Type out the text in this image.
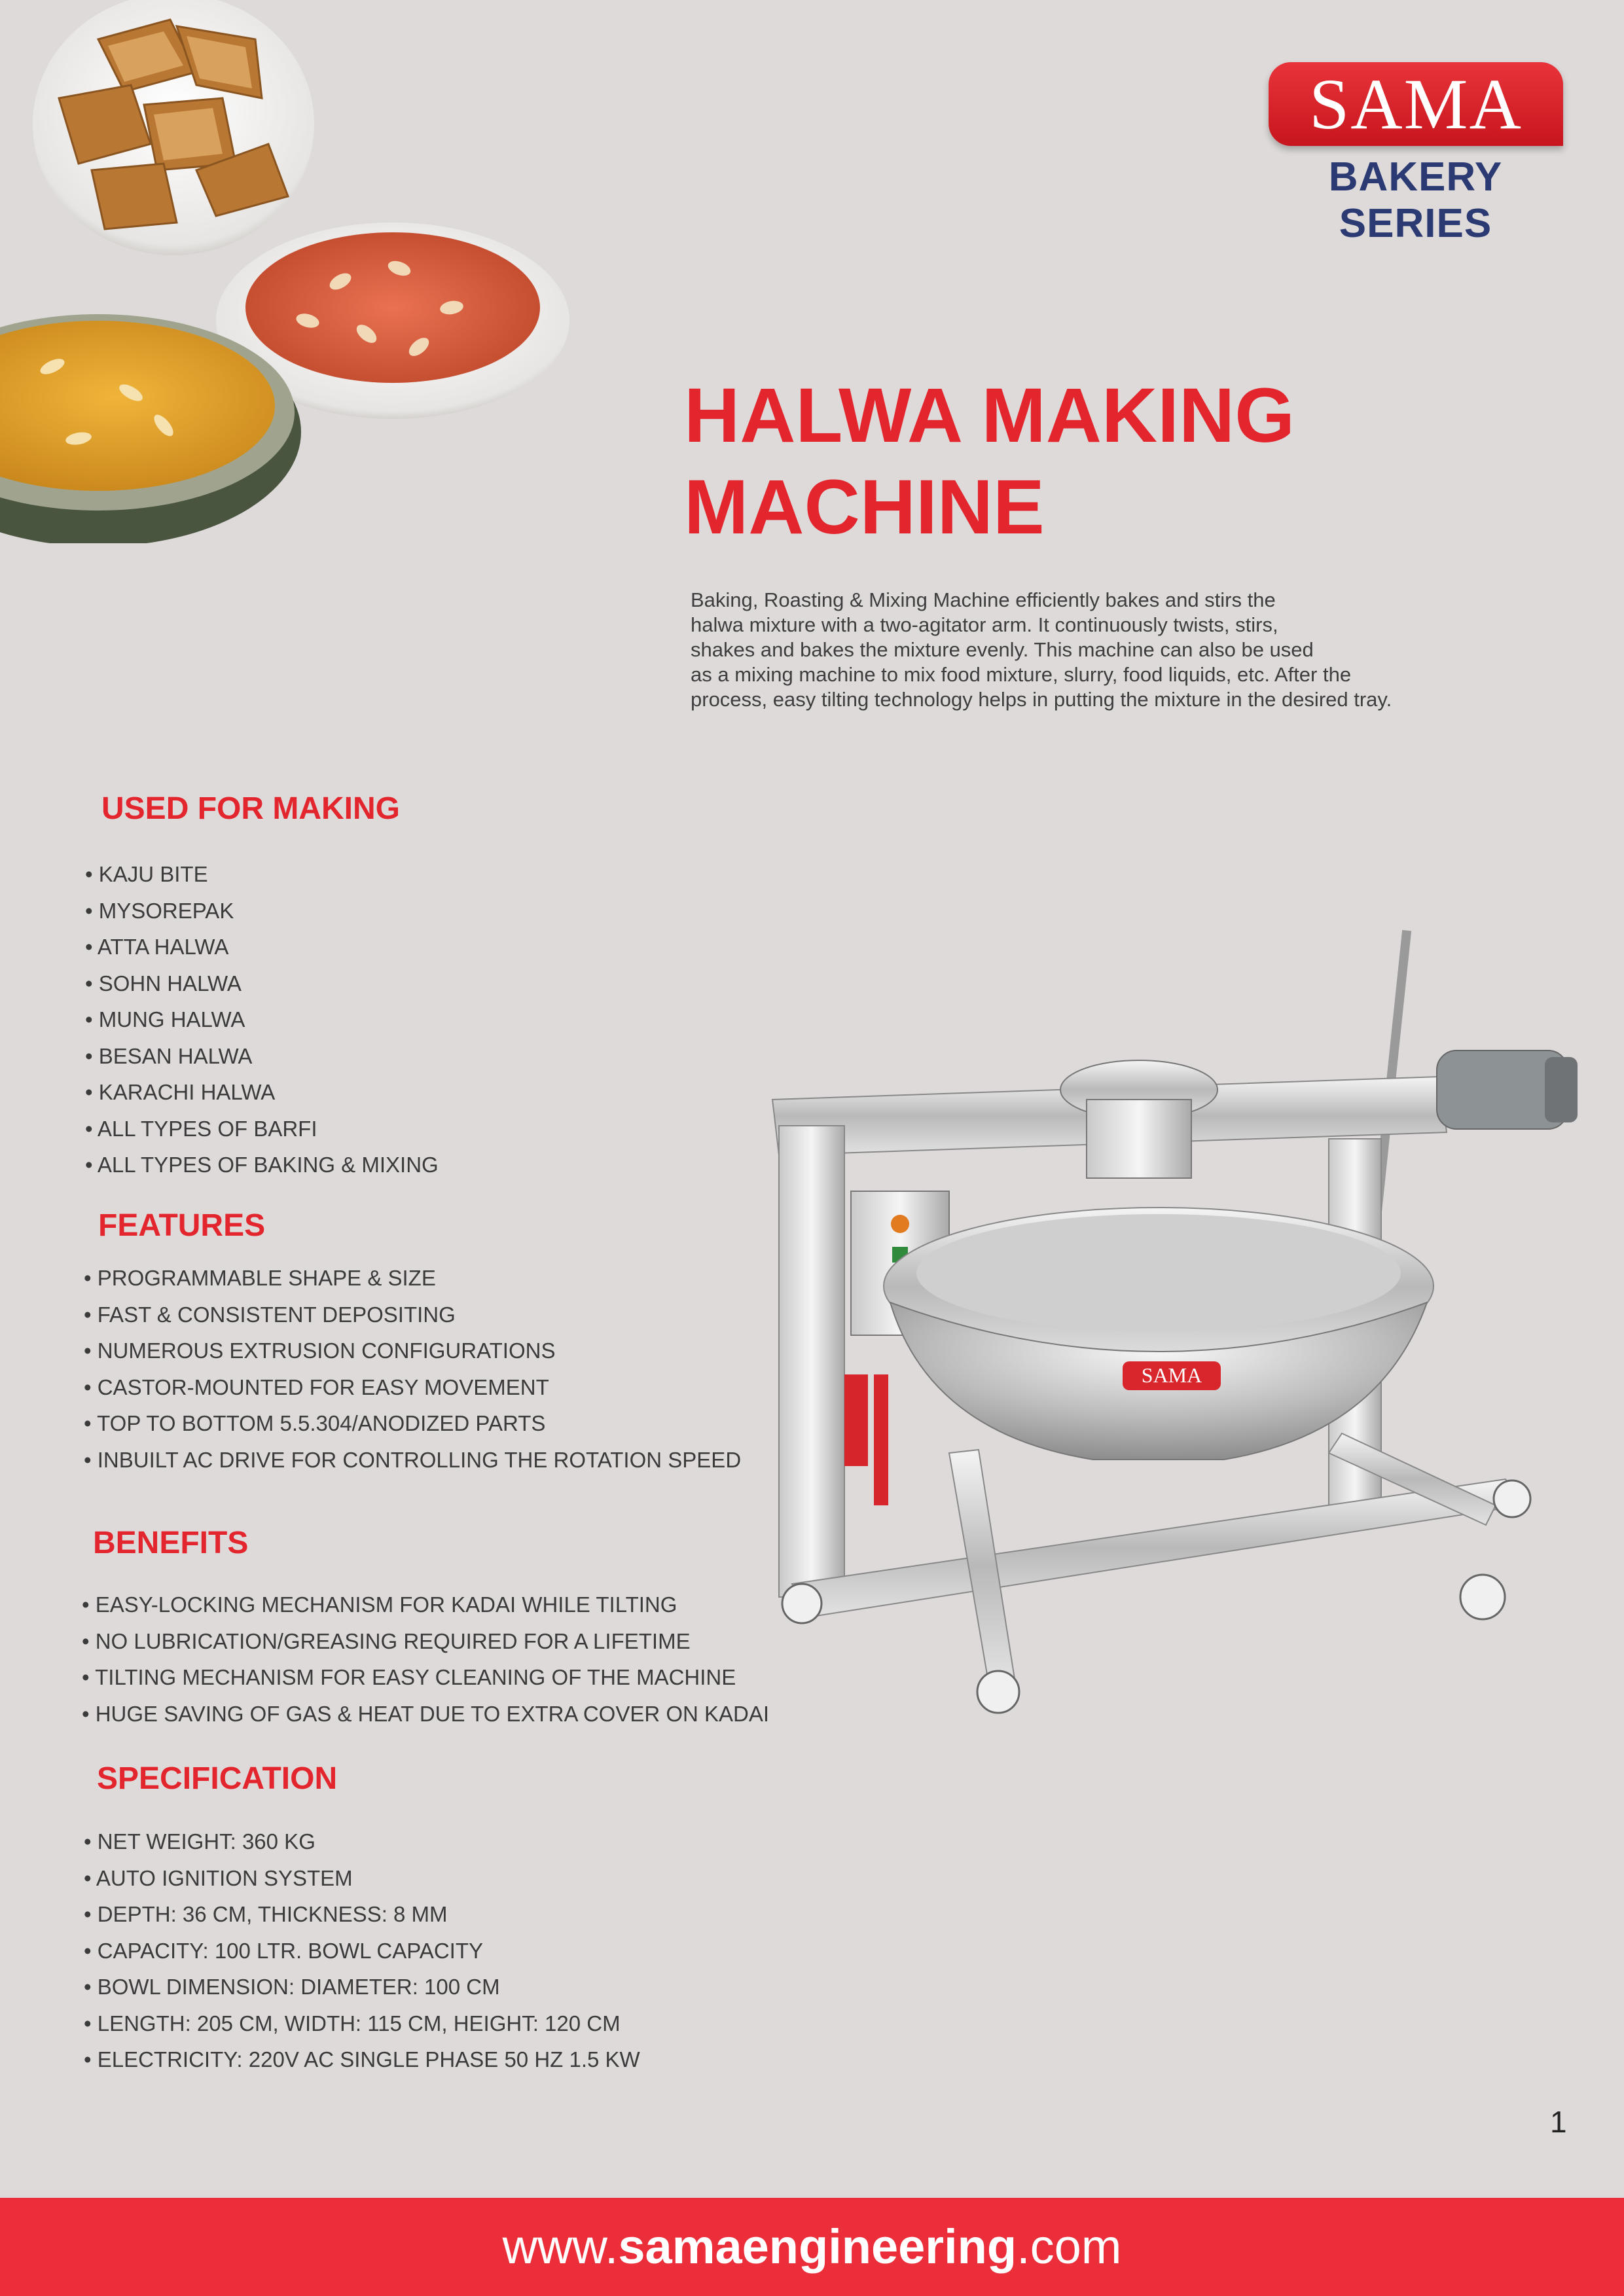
SAMA
BAKERY SERIES
HALWA MAKING
MACHINE
Baking, Roasting & Mixing Machine efficiently bakes and stirs the
halwa mixture with a two-agitator arm. It continuously twists, stirs,
shakes and bakes the mixture evenly. This machine can also be used
as a mixing machine to mix food mixture, slurry, food liquids, etc. After the
process, easy tilting technology helps in putting the mixture in the desired tray.
USED FOR MAKING
• KAJU BITE
• MYSOREPAK
• ATTA HALWA
• SOHN HALWA
• MUNG HALWA
• BESAN HALWA
• KARACHI HALWA
• ALL TYPES OF BARFI
• ALL TYPES OF BAKING & MIXING
FEATURES
• PROGRAMMABLE SHAPE & SIZE
• FAST & CONSISTENT DEPOSITING
• NUMEROUS EXTRUSION CONFIGURATIONS
• CASTOR-MOUNTED FOR EASY MOVEMENT
• TOP TO BOTTOM 5.5.304/ANODIZED PARTS
• INBUILT AC DRIVE FOR CONTROLLING THE ROTATION SPEED
BENEFITS
• EASY-LOCKING MECHANISM FOR KADAI WHILE TILTING
• NO LUBRICATION/GREASING REQUIRED FOR A LIFETIME
• TILTING MECHANISM FOR EASY CLEANING OF THE MACHINE
• HUGE SAVING OF GAS & HEAT DUE TO EXTRA COVER ON KADAI
SPECIFICATION
• NET WEIGHT: 360 KG
• AUTO IGNITION SYSTEM
• DEPTH: 36 CM, THICKNESS: 8 MM
• CAPACITY: 100 LTR. BOWL CAPACITY
• BOWL DIMENSION: DIAMETER: 100 CM
• LENGTH: 205 CM, WIDTH: 115 CM, HEIGHT: 120 CM
• ELECTRICITY: 220V AC SINGLE PHASE 50 HZ 1.5 KW
SAMA
1
www.samaengineering.com
